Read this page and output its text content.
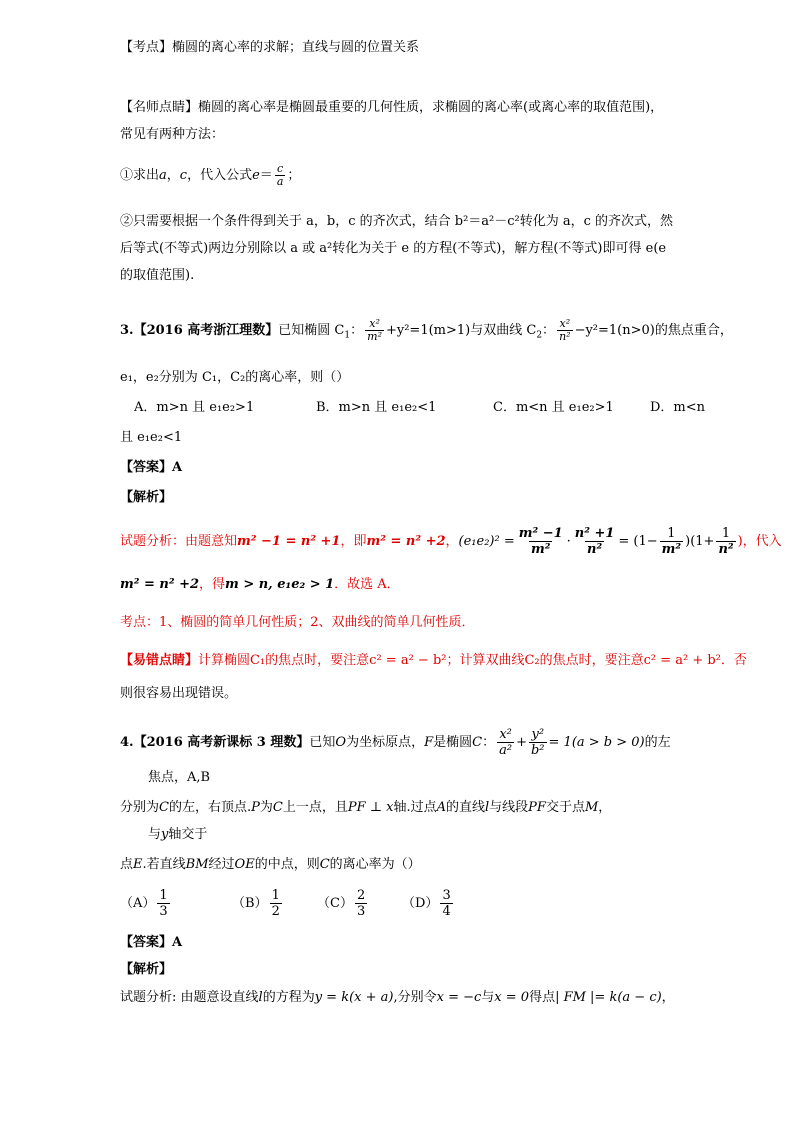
【考点】椭圆的离心率的求解；直线与圆的位置关系
【名师点睛】椭圆的离心率是椭圆最重要的几何性质，求椭圆的离心率(或离心率的取值范围)，
常见有两种方法：
①求出a，c，代入公式$e= \frac{c}{a}$ ；
②只需要根据一个条件得到关于 a，b，c 的齐次式，结合 b²＝a²－c²转化为 a，c 的齐次式，然
后等式(不等式)两边分别除以 a 或 a²转化为关于 e 的方程(不等式)，解方程(不等式)即可得 e(e
的取值范围).
3.【2016 高考浙江理数】已知椭圆 $C_1$： $\frac{\text{x²}}{\text{m²}} +y^2=1(m>1)$与双曲线 $C_2$： $\frac{\text{x²}}{\text{n²}} -y^2=1(n>0)$的焦点重合，
e₁，e₂分别为 C₁，C₂的离心率，则（）
A．m>n 且 e₁e₂>1	B．m>n 且 e₁e₂<1	C．m<n 且 e₁e₂>1	D．m<n
且 e₁e₂<1
【答案】A
【解析】
试题分析：由题意知m² −1 = n² +1，即m² = n² +2，$(e_1e_2)^2 = \frac{\text{m² −1}}{\text{m²}} \cdot \frac{\text{n² +1}}{\text{n²}} = (1- \frac{1}{\text{m²}} )(1+ \frac{1}{\text{n²}}$ )，代入
m² = n² +2，得m > n, e₁e₂ > 1．故选 A．
考点：1、椭圆的简单几何性质；2、双曲线的简单几何性质．
【易错点睛】计算椭圆C₁的焦点时，要注意c² = a² − b²；计算双曲线C₂的焦点时，要注意c² = a² + b²．否
则很容易出现错误。
4.【2016 高考新课标 3 理数】已知O为坐标原点，F是椭圆C： $\frac{\text{x²}}{\text{a²}} + \frac{\text{y²}}{\text{b²}} = 1(a > b > 0)$的左
焦点，A,B
分别为C的左，右顶点.P为C上一点，且PF ⊥ x轴.过点A的直线l与线段PF交于点M，
与y轴交于
点E.若直线BM经过OE的中点，则C的离心率为（）
$(A) \frac{1}{3}$	$(B) \frac{1}{2}$	$(C) \frac{2}{3}$	$(D) \frac{3}{4}$
【答案】A
【解析】
试题分析: 由题意设直线l的方程为y = k(x + a),分别令x = −c与x = 0得点| FM |= k(a − c)，
